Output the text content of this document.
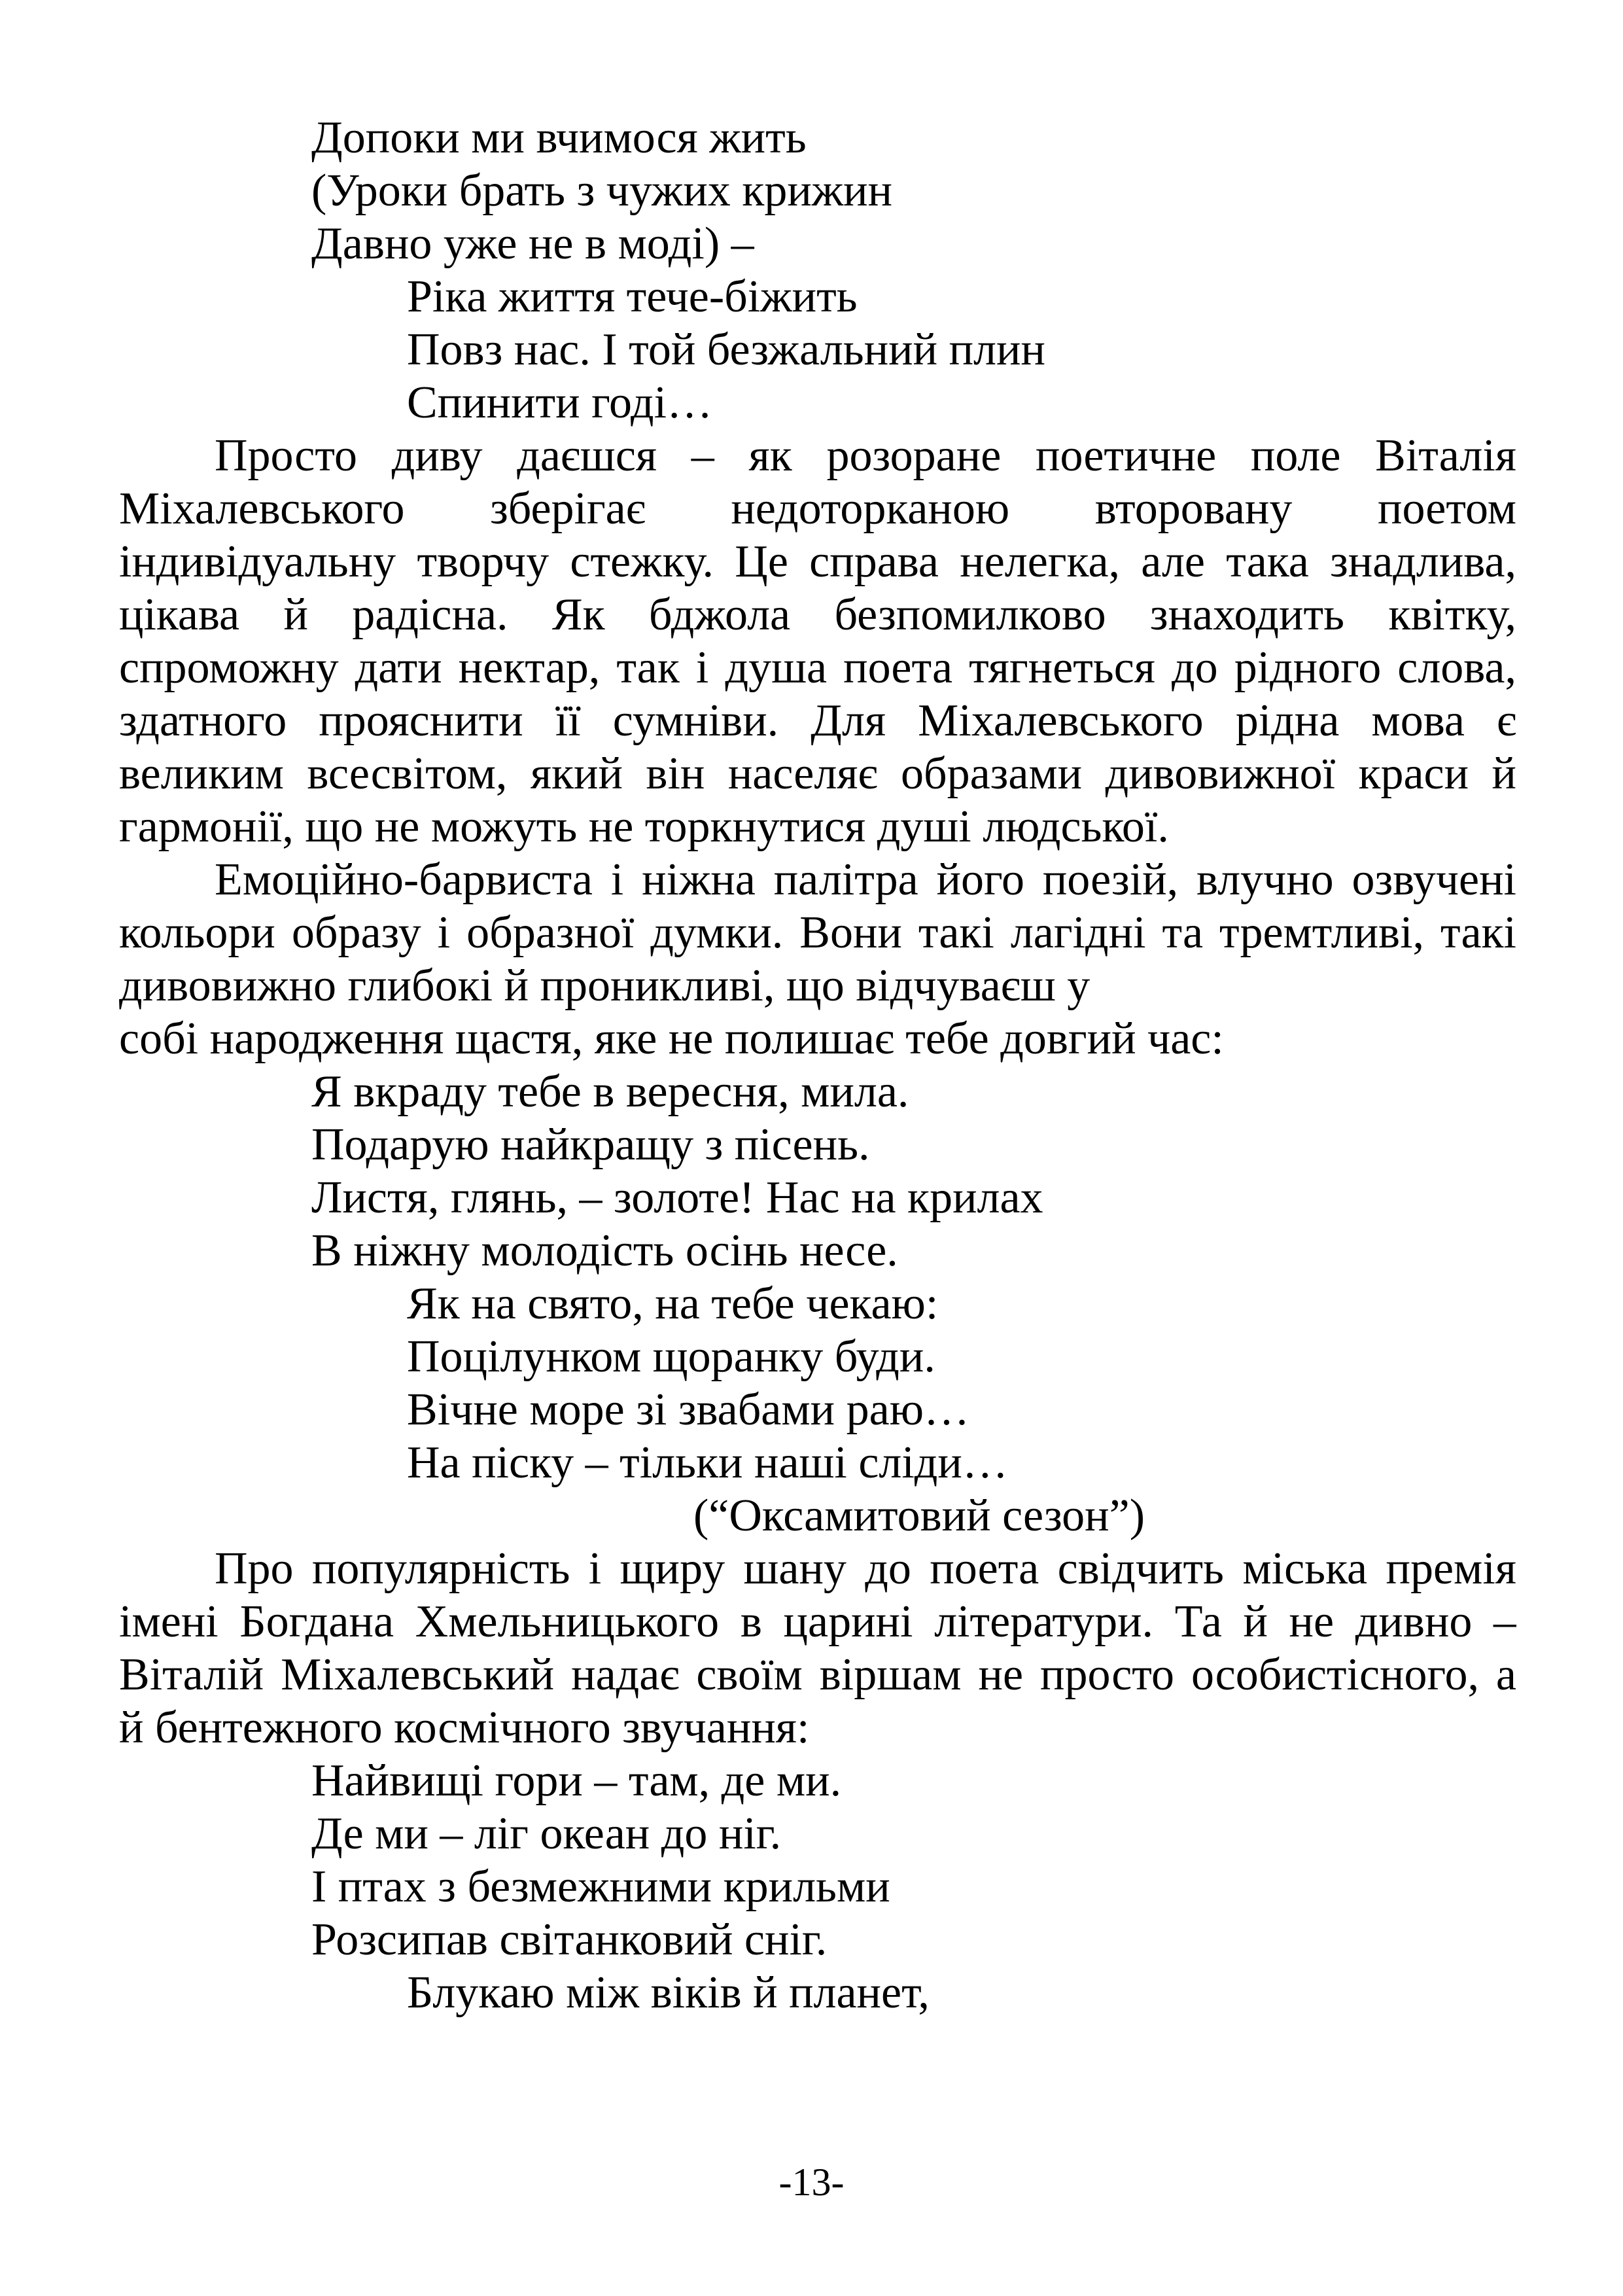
Допоки ми вчимося жить
(Уроки брать з чужих крижин
Давно уже не в моді) –
Ріка життя тече-біжить
Повз нас. І той безжальний плин
Спинити годі…
Просто диву даєшся – як розоране поетичне поле Віталія
Міхалевського зберігає недоторканою второвану поетом
індивідуальну творчу стежку. Це справа нелегка, але така знадлива,
цікава й радісна. Як бджола безпомилково знаходить квітку,
спроможну дати нектар, так і душа поета тягнеться до рідного слова,
здатного прояснити її сумніви. Для Міхалевського рідна мова є
великим всесвітом, який він населяє образами дивовижної краси й
гармонії, що не можуть не торкнутися душі людської.
Емоційно-барвиста і ніжна палітра його поезій, влучно озвучені
кольори образу і образної думки. Вони такі лагідні та тремтливі, такі
дивовижно глибокі й проникливі, що відчуваєш у
собі народження щастя, яке не полишає тебе довгий час:
Я вкраду тебе в вересня, мила.
Подарую найкращу з пісень.
Листя, глянь, – золоте! Нас на крилах
В ніжну молодість осінь несе.
Як на свято, на тебе чекаю:
Поцілунком щоранку буди.
Вічне море зі звабами раю…
На піску – тільки наші сліди…
(“Оксамитовий сезон”)
Про популярність і щиру шану до поета свідчить міська премія
імені Богдана Хмельницького в царині літератури. Та й не дивно –
Віталій Міхалевський надає своїм віршам не просто особистісного, а
й бентежного космічного звучання:
Найвищі гори – там, де ми.
Де ми – ліг океан до ніг.
І птах з безмежними крильми
Розсипав світанковий сніг.
Блукаю між віків й планет,
-13-
